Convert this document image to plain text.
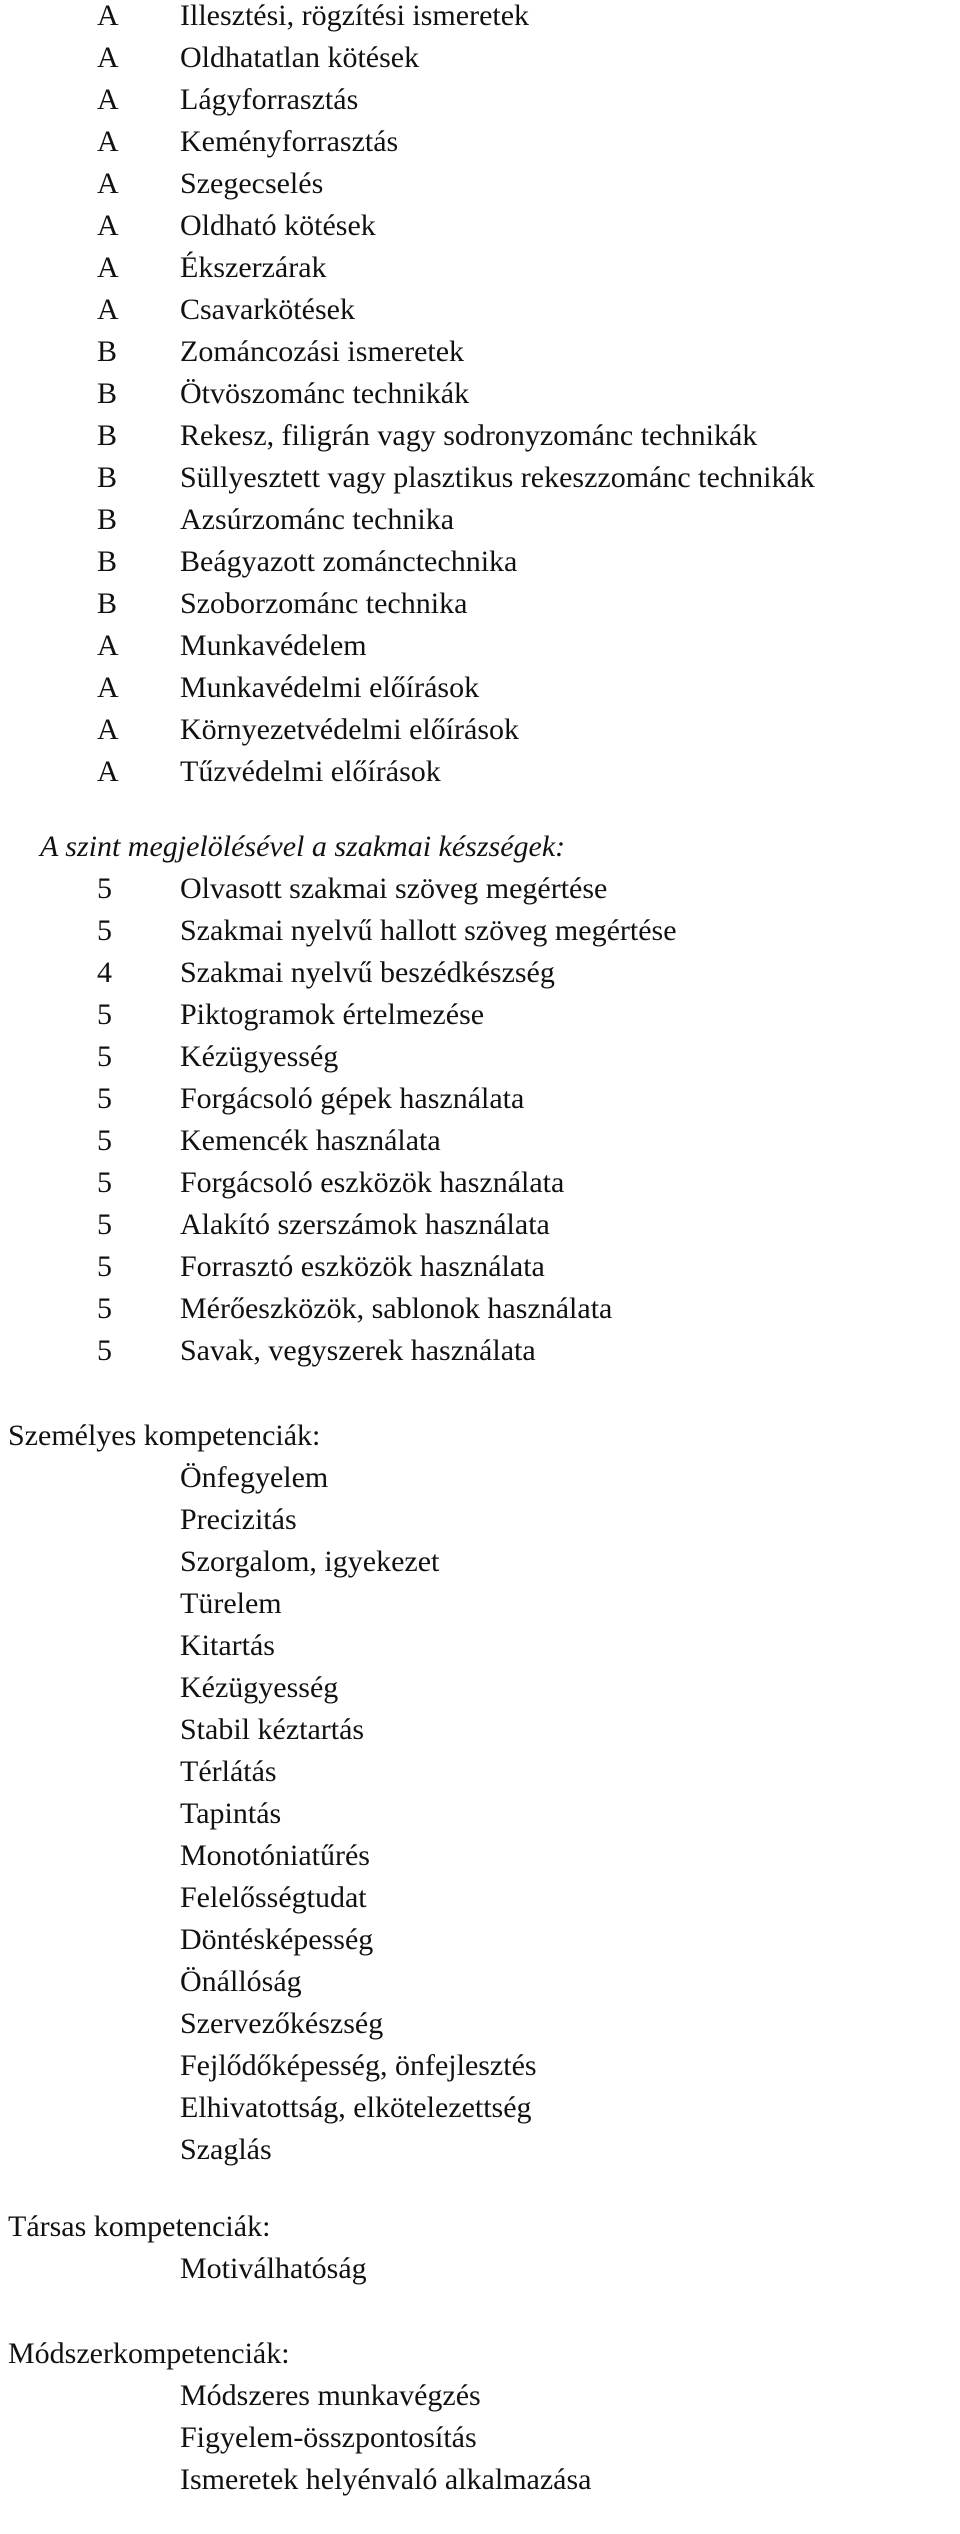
A Illesztési, rögzítési ismeretek
A Oldhatatlan kötések
A Lágyforrasztás
A Keményforrasztás
A Szegecselés
A Oldható kötések
A Ékszerzárak
A Csavarkötések
B Zománcozási ismeretek
B Ötvöszománc technikák
B Rekesz, filigrán vagy sodronyzománc technikák
B Süllyesztett vagy plasztikus rekeszzománc technikák
B Azsúrzománc technika
B Beágyazott zománctechnika
B Szoborzománc technika
A Munkavédelem
A Munkavédelmi előírások
A Környezetvédelmi előírások
A Tűzvédelmi előírások
A szint megjelölésével a szakmai készségek:
5 Olvasott szakmai szöveg megértése
5 Szakmai nyelvű hallott szöveg megértése
4 Szakmai nyelvű beszédkészség
5 Piktogramok értelmezése
5 Kézügyesség
5 Forgácsoló gépek használata
5 Kemencék használata
5 Forgácsoló eszközök használata
5 Alakító szerszámok használata
5 Forrasztó eszközök használata
5 Mérőeszközök, sablonok használata
5 Savak, vegyszerek használata
Személyes kompetenciák:
Önfegyelem
Precizitás
Szorgalom, igyekezet
Türelem
Kitartás
Kézügyesség
Stabil kéztartás
Térlátás
Tapintás
Monotóniatűrés
Felelősségtudat
Döntésképesség
Önállóság
Szervezőkészség
Fejlődőképesség, önfejlesztés
Elhivatottság, elkötelezettség
Szaglás
Társas kompetenciák:
Motiválhatóság
Módszerkompetenciák:
Módszeres munkavégzés
Figyelem-összpontosítás
Ismeretek helyénvaló alkalmazása
